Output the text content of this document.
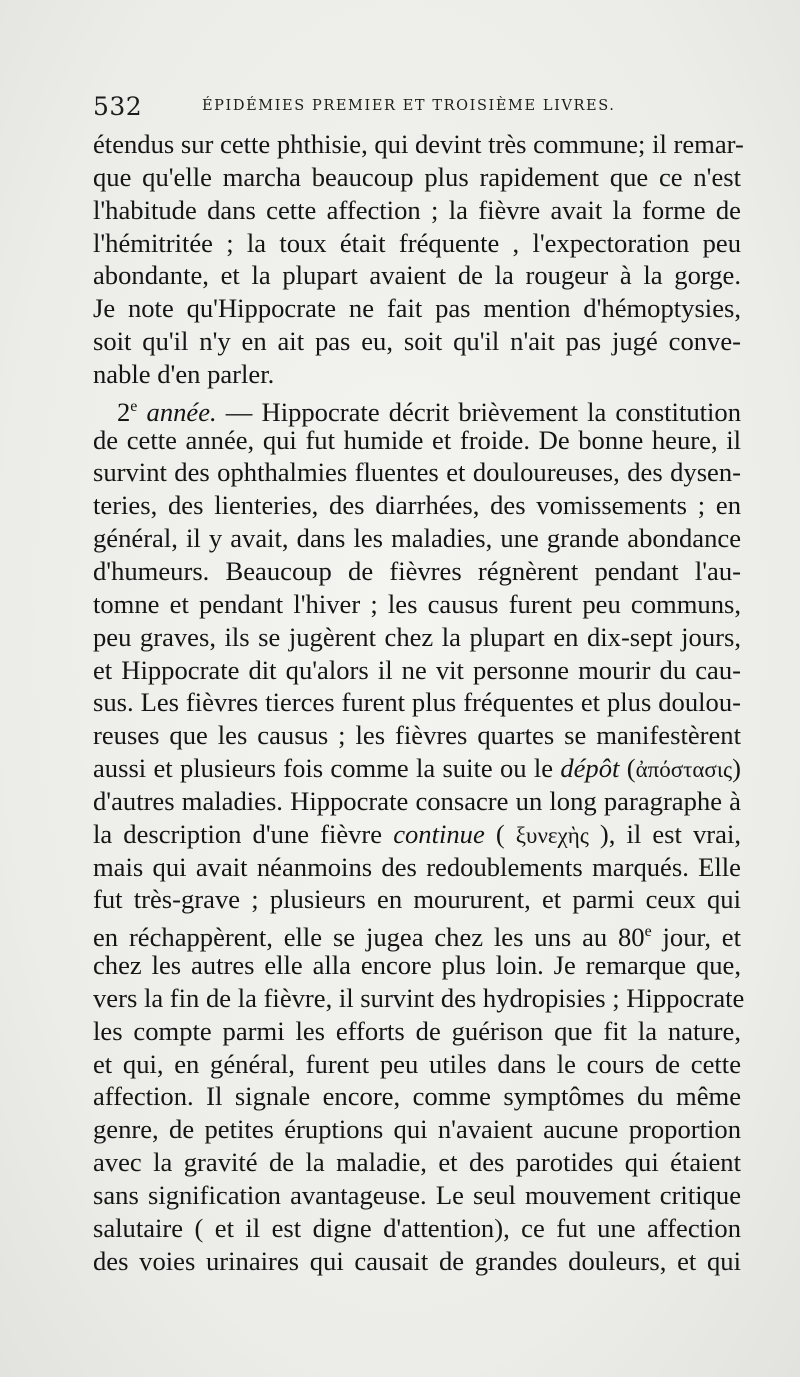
532	ÉPIDÉMIES PREMIER ET TROISIÈME LIVRES.
étendus sur cette phthisie, qui devint très commune; il remar-
que qu'elle marcha beaucoup plus rapidement que ce n'est
l'habitude dans cette affection ; la fièvre avait la forme de
l'hémitritée ; la toux était fréquente , l'expectoration peu
abondante, et la plupart avaient de la rougeur à la gorge.
Je note qu'Hippocrate ne fait pas mention d'hémoptysies,
soit qu'il n'y en ait pas eu, soit qu'il n'ait pas jugé conve-
nable d'en parler.
2e année. — Hippocrate décrit brièvement la constitution
de cette année, qui fut humide et froide. De bonne heure, il
survint des ophthalmies fluentes et douloureuses, des dysen-
teries, des lienteries, des diarrhées, des vomissements ; en
général, il y avait, dans les maladies, une grande abondance
d'humeurs. Beaucoup de fièvres régnèrent pendant l'au-
tomne et pendant l'hiver ; les causus furent peu communs,
peu graves, ils se jugèrent chez la plupart en dix-sept jours,
et Hippocrate dit qu'alors il ne vit personne mourir du cau-
sus. Les fièvres tierces furent plus fréquentes et plus doulou-
reuses que les causus ; les fièvres quartes se manifestèrent
aussi et plusieurs fois comme la suite ou le dépôt (ἀπόστασις)
d'autres maladies. Hippocrate consacre un long paragraphe à
la description d'une fièvre continue ( ξυνεχὴς ), il est vrai,
mais qui avait néanmoins des redoublements marqués. Elle
fut très-grave ; plusieurs en moururent, et parmi ceux qui
en réchappèrent, elle se jugea chez les uns au 80e jour, et
chez les autres elle alla encore plus loin. Je remarque que,
vers la fin de la fièvre, il survint des hydropisies ; Hippocrate
les compte parmi les efforts de guérison que fit la nature,
et qui, en général, furent peu utiles dans le cours de cette
affection. Il signale encore, comme symptômes du même
genre, de petites éruptions qui n'avaient aucune proportion
avec la gravité de la maladie, et des parotides qui étaient
sans signification avantageuse. Le seul mouvement critique
salutaire ( et il est digne d'attention), ce fut une affection
des voies urinaires qui causait de grandes douleurs, et qui
